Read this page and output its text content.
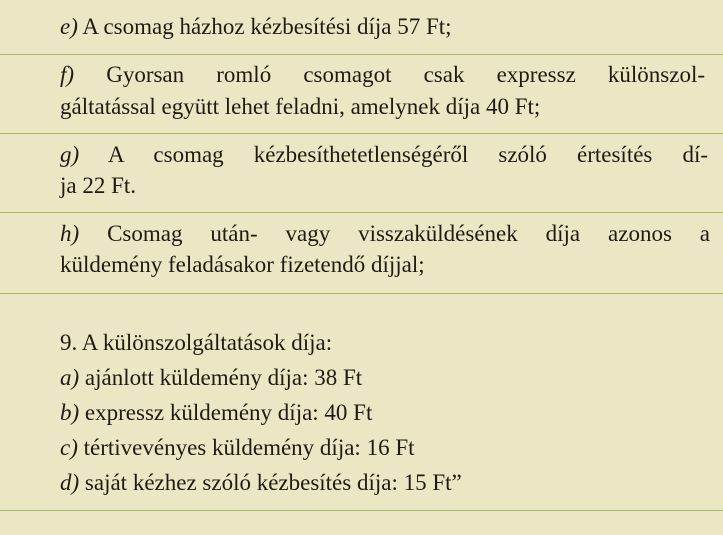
e) A csomag házhoz kézbesítési díja 57 Ft;
f) Gyorsan romló csomagot csak expressz különszol-
gáltatással együtt lehet feladni, amelynek díja 40 Ft;
g) A csomag kézbesíthetetlenségéről szóló értesítés dí-
ja 22 Ft.
h) Csomag után- vagy visszaküldésének díja azonos a
küldemény feladásakor fizetendő díjjal;
9. A különszolgáltatások díja:
a) ajánlott küldemény díja: 38 Ft
b) expressz küldemény díja: 40 Ft
c) tértivevényes küldemény díja: 16 Ft
d) saját kézhez szóló kézbesítés díja: 15 Ft”
